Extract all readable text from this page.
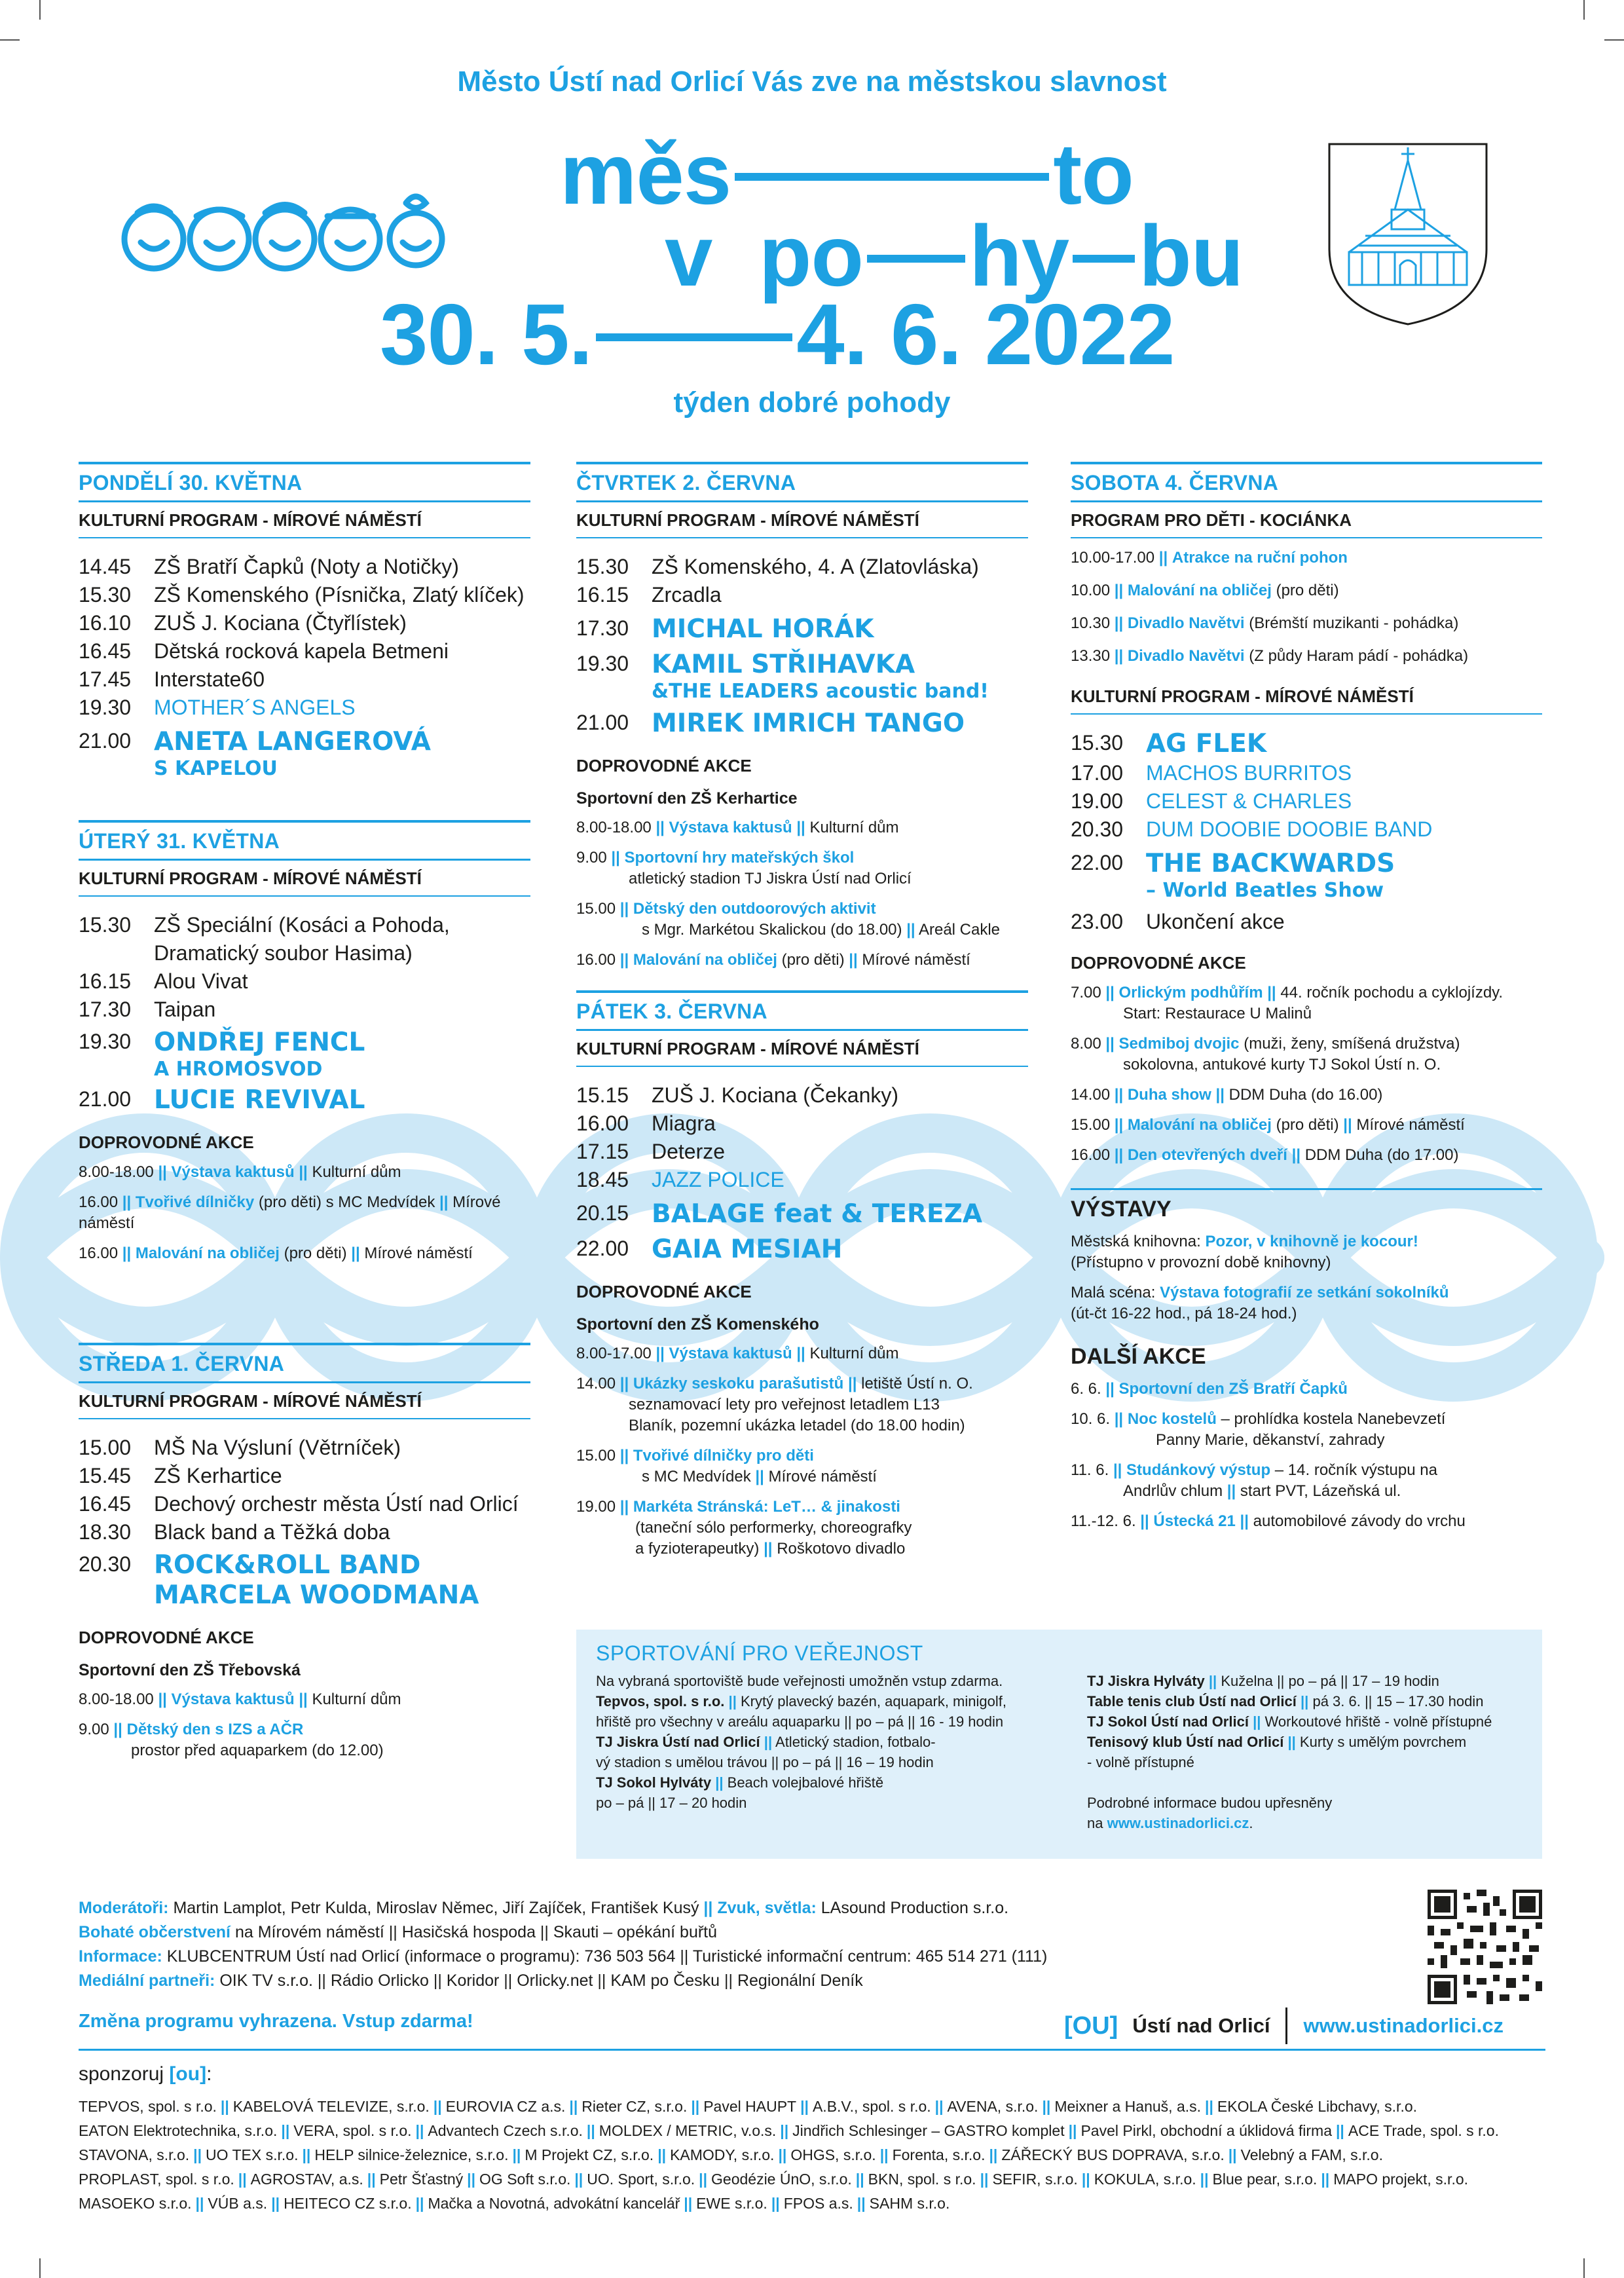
Město Ústí nad Orlicí Vás zve na městskou slavnost
měs	to
v po hy bu
30. 5. 4. 6. 2022
týden dobré pohody
PONDĚLÍ 30. KVĚTNA
KULTURNÍ PROGRAM - MÍROVÉ NÁMĚSTÍ
14.45	ZŠ Bratří Čapků (Noty a Notičky)
15.30	ZŠ Komenského (Písnička, Zlatý klíček)
16.10	ZUŠ J. Kociana (Čtyřlístek)
16.45	Dětská rocková kapela Betmeni
17.45	Interstate60
19.30	MOTHER´S ANGELS
21.00 ANETA LANGEROVÁ
S KAPELOU
ÚTERÝ 31. KVĚTNA
KULTURNÍ PROGRAM - MÍROVÉ NÁMĚSTÍ
15.30	ZŠ Speciální (Kosáci a Pohoda,
Dramatický soubor Hasima)
16.15	Alou Vivat
17.30	Taipan
19.30 ONDŘEJ FENCL
A HROMOSVOD
21.00 LUCIE REVIVAL
DOPROVODNÉ AKCE
8.00-18.00 || Výstava kaktusů || Kulturní dům
16.00 || Tvořivé dílničky (pro děti) s MC Medvídek || Mírové náměstí
16.00 || Malování na obličej (pro děti) || Mírové náměstí
STŘEDA 1. ČERVNA
KULTURNÍ PROGRAM - MÍROVÉ NÁMĚSTÍ
15.00	MŠ Na Výsluní (Větrníček)
15.45	ZŠ Kerhartice
16.45	Dechový orchestr města Ústí nad Orlicí
18.30	Black band a Těžká doba
20.30 ROCK&ROLL BAND
MARCELA WOODMANA
DOPROVODNÉ AKCE
Sportovní den ZŠ Třebovská
8.00-18.00 || Výstava kaktusů || Kulturní dům
9.00 || Dětský den s IZS a AČR
prostor před aquaparkem (do 12.00)
ČTVRTEK 2. ČERVNA
KULTURNÍ PROGRAM - MÍROVÉ NÁMĚSTÍ
15.30	ZŠ Komenského, 4. A (Zlatovláska)
16.15	Zrcadla
17.30 MICHAL HORÁK
19.30 KAMIL STŘIHAVKA
&THE LEADERS acoustic band!
21.00 MIREK IMRICH TANGO
DOPROVODNÉ AKCE
Sportovní den ZŠ Kerhartice
8.00-18.00 || Výstava kaktusů || Kulturní dům
9.00 || Sportovní hry mateřských škol
atletický stadion TJ Jiskra Ústí nad Orlicí
15.00 || Dětský den outdoorových aktivit
s Mgr. Markétou Skalickou (do 18.00) || Areál Cakle
16.00 || Malování na obličej (pro děti) || Mírové náměstí
PÁTEK 3. ČERVNA
KULTURNÍ PROGRAM - MÍROVÉ NÁMĚSTÍ
15.15	ZUŠ J. Kociana (Čekanky)
16.00	Miagra
17.15	Deterze
18.45	JAZZ POLICE
20.15 BALAGE feat & TEREZA
22.00 GAIA MESIAH
DOPROVODNÉ AKCE
Sportovní den ZŠ Komenského
8.00-17.00 || Výstava kaktusů || Kulturní dům
14.00 || Ukázky seskoku parašutistů || letiště Ústí n. O.
seznamovací lety pro veřejnost letadlem L13
Blaník, pozemní ukázka letadel (do 18.00 hodin)
15.00 || Tvořivé dílničky pro děti
s MC Medvídek || Mírové náměstí
19.00 || Markéta Stránská: LeT… & jinakosti
(taneční sólo performerky, choreografky
a fyzioterapeutky) || Roškotovo divadlo
SOBOTA 4. ČERVNA
PROGRAM PRO DĚTI - KOCIÁNKA
10.00-17.00 || Atrakce na ruční pohon
10.00 || Malování na obličej (pro děti)
10.30 || Divadlo Navětvi (Brémští muzikanti - pohádka)
13.30 || Divadlo Navětvi (Z půdy Haram pádí - pohádka)
KULTURNÍ PROGRAM - MÍROVÉ NÁMĚSTÍ
15.30 AG FLEK
17.00	MACHOS BURRITOS
19.00	CELEST & CHARLES
20.30	DUM DOOBIE DOOBIE BAND
22.00 THE BACKWARDS
– World Beatles Show
23.00	Ukončení akce
DOPROVODNÉ AKCE
7.00 || Orlickým podhůřím || 44. ročník pochodu a cyklojízdy.
Start: Restaurace U Malinů
8.00 || Sedmiboj dvojic (muži, ženy, smíšená družstva)
sokolovna, antukové kurty TJ Sokol Ústí n. O.
14.00 || Duha show || DDM Duha (do 16.00)
15.00 || Malování na obličej (pro děti) || Mírové náměstí
16.00 || Den otevřených dveří || DDM Duha (do 17.00)
VÝSTAVY
Městská knihovna: Pozor, v knihovně je kocour!
(Přístupno v provozní době knihovny)
Malá scéna: Výstava fotografií ze setkání sokolníků
(út-čt 16-22 hod., pá 18-24 hod.)
DALŠÍ AKCE
6. 6. || Sportovní den ZŠ Bratří Čapků
10. 6. || Noc kostelů – prohlídka kostela Nanebevzetí
Panny Marie, děkanství, zahrady
11. 6. || Studánkový výstup – 14. ročník výstupu na
Andrlův chlum || start PVT, Lázeňská ul.
11.-12. 6. || Ústecká 21 || automobilové závody do vrchu
SPORTOVÁNÍ PRO VEŘEJNOST
Na vybraná sportoviště bude veřejnosti umožněn vstup zdarma.
Tepvos, spol. s r.o. || Krytý plavecký bazén, aquapark, minigolf,
hřiště pro všechny v areálu aquaparku || po – pá || 16 - 19 hodin
TJ Jiskra Ústí nad Orlicí || Atletický stadion, fotbalo-
vý stadion s umělou trávou || po – pá || 16 – 19 hodin
TJ Sokol Hylváty || Beach volejbalové hřiště
po – pá || 17 – 20 hodin
TJ Jiskra Hylváty || Kuželna || po – pá || 17 – 19 hodin
Table tenis club Ústí nad Orlicí || pá 3. 6. || 15 – 17.30 hodin
TJ Sokol Ústí nad Orlicí || Workoutové hřiště - volně přístupné
Tenisový klub Ústí nad Orlicí || Kurty s umělým povrchem
- volně přístupné
Podrobné informace budou upřesněny
na www.ustinadorlici.cz.
Moderátoři: Martin Lamplot, Petr Kulda, Miroslav Němec, Jiří Zajíček, František Kusý || Zvuk, světla: LAsound Production s.r.o.
Bohaté občerstvení na Mírovém náměstí || Hasičská hospoda || Skauti – opékání buřtů
Informace: KLUBCENTRUM Ústí nad Orlicí (informace o programu): 736 503 564 || Turistické informační centrum: 465 514 271 (111)
Mediální partneři: OIK TV s.r.o. || Rádio Orlicko || Koridor || Orlicky.net || KAM po Česku || Regionální Deník
Změna programu vyhrazena. Vstup zdarma!	[OU] Ústí nad Orlicí www.ustinadorlici.cz
sponzoruj [ou]:
TEPVOS, spol. s r.o. || KABELOVÁ TELEVIZE, s.r.o. || EUROVIA CZ a.s. || Rieter CZ, s.r.o. || Pavel HAUPT || A.B.V., spol. s r.o. || AVENA, s.r.o. || Meixner a Hanuš, a.s. || EKOLA České Libchavy, s.r.o.
EATON Elektrotechnika, s.r.o. || VERA, spol. s r.o. || Advantech Czech s.r.o. || MOLDEX / METRIC, v.o.s. || Jindřich Schlesinger – GASTRO komplet || Pavel Pirkl, obchodní a úklidová firma || ACE Trade, spol. s r.o.
STAVONA, s.r.o. || UO TEX s.r.o. || HELP silnice-železnice, s.r.o. || M Projekt CZ, s.r.o. || KAMODY, s.r.o. || OHGS, s.r.o. || Forenta, s.r.o. || ZÁŘECKÝ BUS DOPRAVA, s.r.o. || Velebný a FAM, s.r.o.
PROPLAST, spol. s r.o. || AGROSTAV, a.s. || Petr Šťastný || OG Soft s.r.o. || UO. Sport, s.r.o. || Geodézie ÚnO, s.r.o. || BKN, spol. s r.o. || SEFIR, s.r.o. || KOKULA, s.r.o. || Blue pear, s.r.o. || MAPO projekt, s.r.o.
MASOEKO s.r.o. || VÚB a.s. || HEITECO CZ s.r.o. || Mačka a Novotná, advokátní kancelář || EWE s.r.o. || FPOS a.s. || SAHM s.r.o.
